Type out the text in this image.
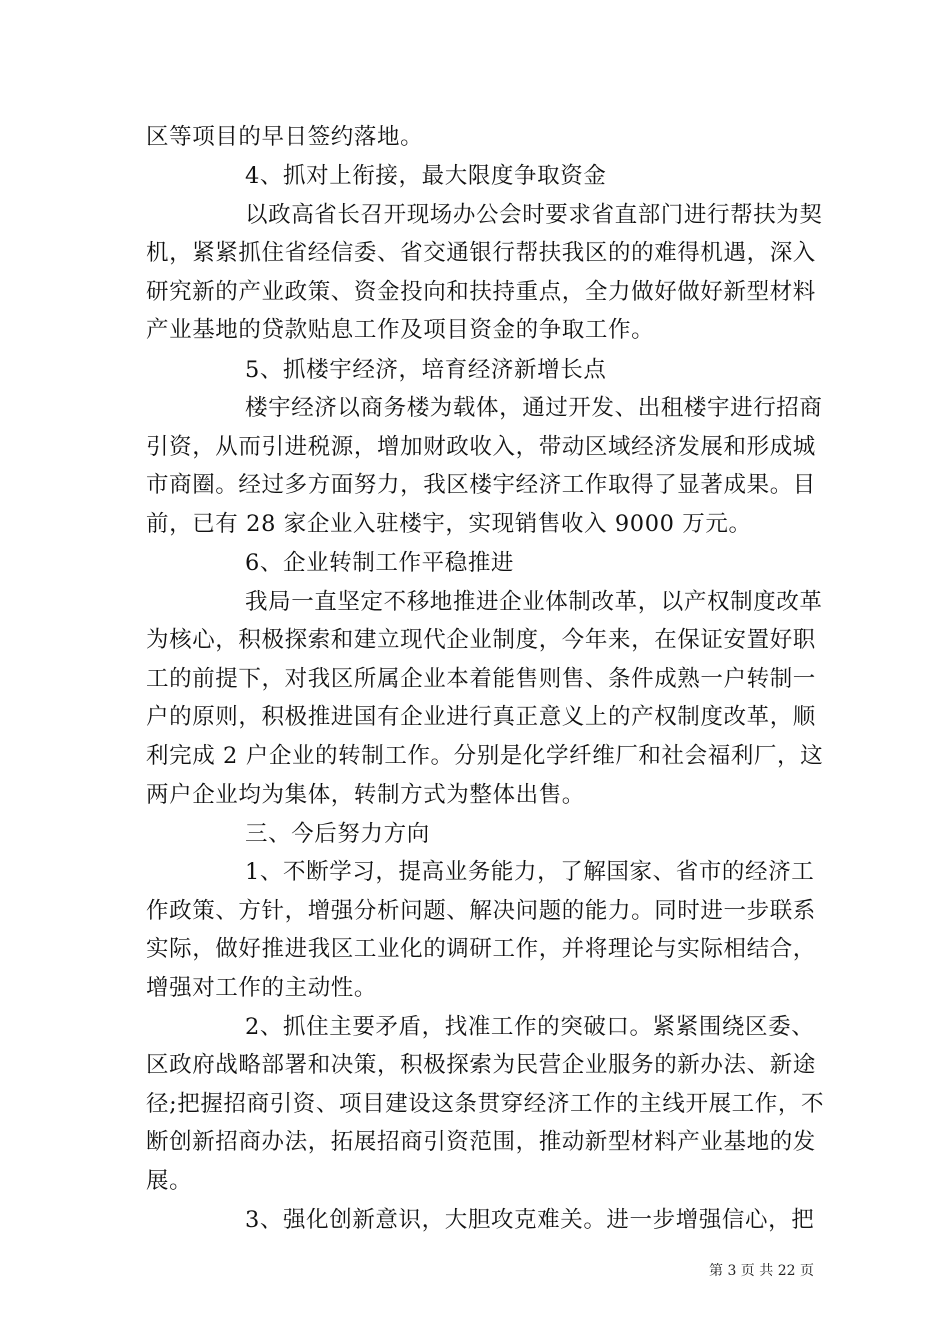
区等项目的早日签约落地。
4、抓对上衔接，最大限度争取资金
以政高省长召开现场办公会时要求省直部门进行帮扶为契
机，紧紧抓住省经信委、省交通银行帮扶我区的的难得机遇，深入
研究新的产业政策、资金投向和扶持重点，全力做好做好新型材料
产业基地的贷款贴息工作及项目资金的争取工作。
5、抓楼宇经济，培育经济新增长点
楼宇经济以商务楼为载体，通过开发、出租楼宇进行招商
引资，从而引进税源，增加财政收入，带动区域经济发展和形成城
市商圈。经过多方面努力，我区楼宇经济工作取得了显著成果。目
前，已有 28 家企业入驻楼宇，实现销售收入 9000 万元。
6、企业转制工作平稳推进
我局一直坚定不移地推进企业体制改革，以产权制度改革
为核心，积极探索和建立现代企业制度，今年来，在保证安置好职
工的前提下，对我区所属企业本着能售则售、条件成熟一户转制一
户的原则，积极推进国有企业进行真正意义上的产权制度改革，顺
利完成 2 户企业的转制工作。分别是化学纤维厂和社会福利厂，这
两户企业均为集体，转制方式为整体出售。
三、今后努力方向
1、不断学习，提高业务能力，了解国家、省市的经济工
作政策、方针，增强分析问题、解决问题的能力。同时进一步联系
实际，做好推进我区工业化的调研工作，并将理论与实际相结合，
增强对工作的主动性。
2、抓住主要矛盾，找准工作的突破口。紧紧围绕区委、
区政府战略部署和决策，积极探索为民营企业服务的新办法、新途
径;把握招商引资、项目建设这条贯穿经济工作的主线开展工作，不
断创新招商办法，拓展招商引资范围，推动新型材料产业基地的发
展。
3、强化创新意识，大胆攻克难关。进一步增强信心，把
第 3 页 共 22 页
